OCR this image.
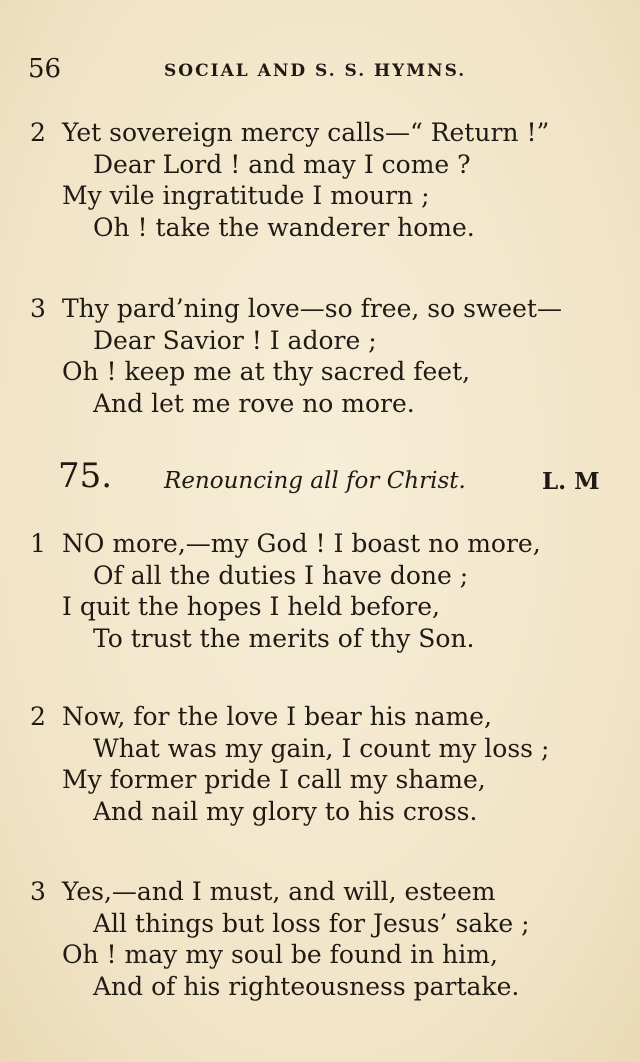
56	SOCIAL AND S. S. HYMNS.
2 Yet sovereign mercy calls—“ Return !”
Dear Lord ! and may I come ?
My vile ingratitude I mourn ;
Oh ! take the wanderer home.
3 Thy pard’ning love—so free, so sweet—
Dear Savior ! I adore ;
Oh ! keep me at thy sacred feet,
And let me rove no more.
75. Renouncing all for Christ.	L. M
1 NO more,—my God ! I boast no more,
Of all the duties I have done ;
I quit the hopes I held before,
To trust the merits of thy Son.
2 Now, for the love I bear his name,
What was my gain, I count my loss ;
My former pride I call my shame,
And nail my glory to his cross.
3 Yes,—and I must, and will, esteem
All things but loss for Jesus’ sake ;
Oh ! may my soul be found in him,
And of his righteousness partake.
